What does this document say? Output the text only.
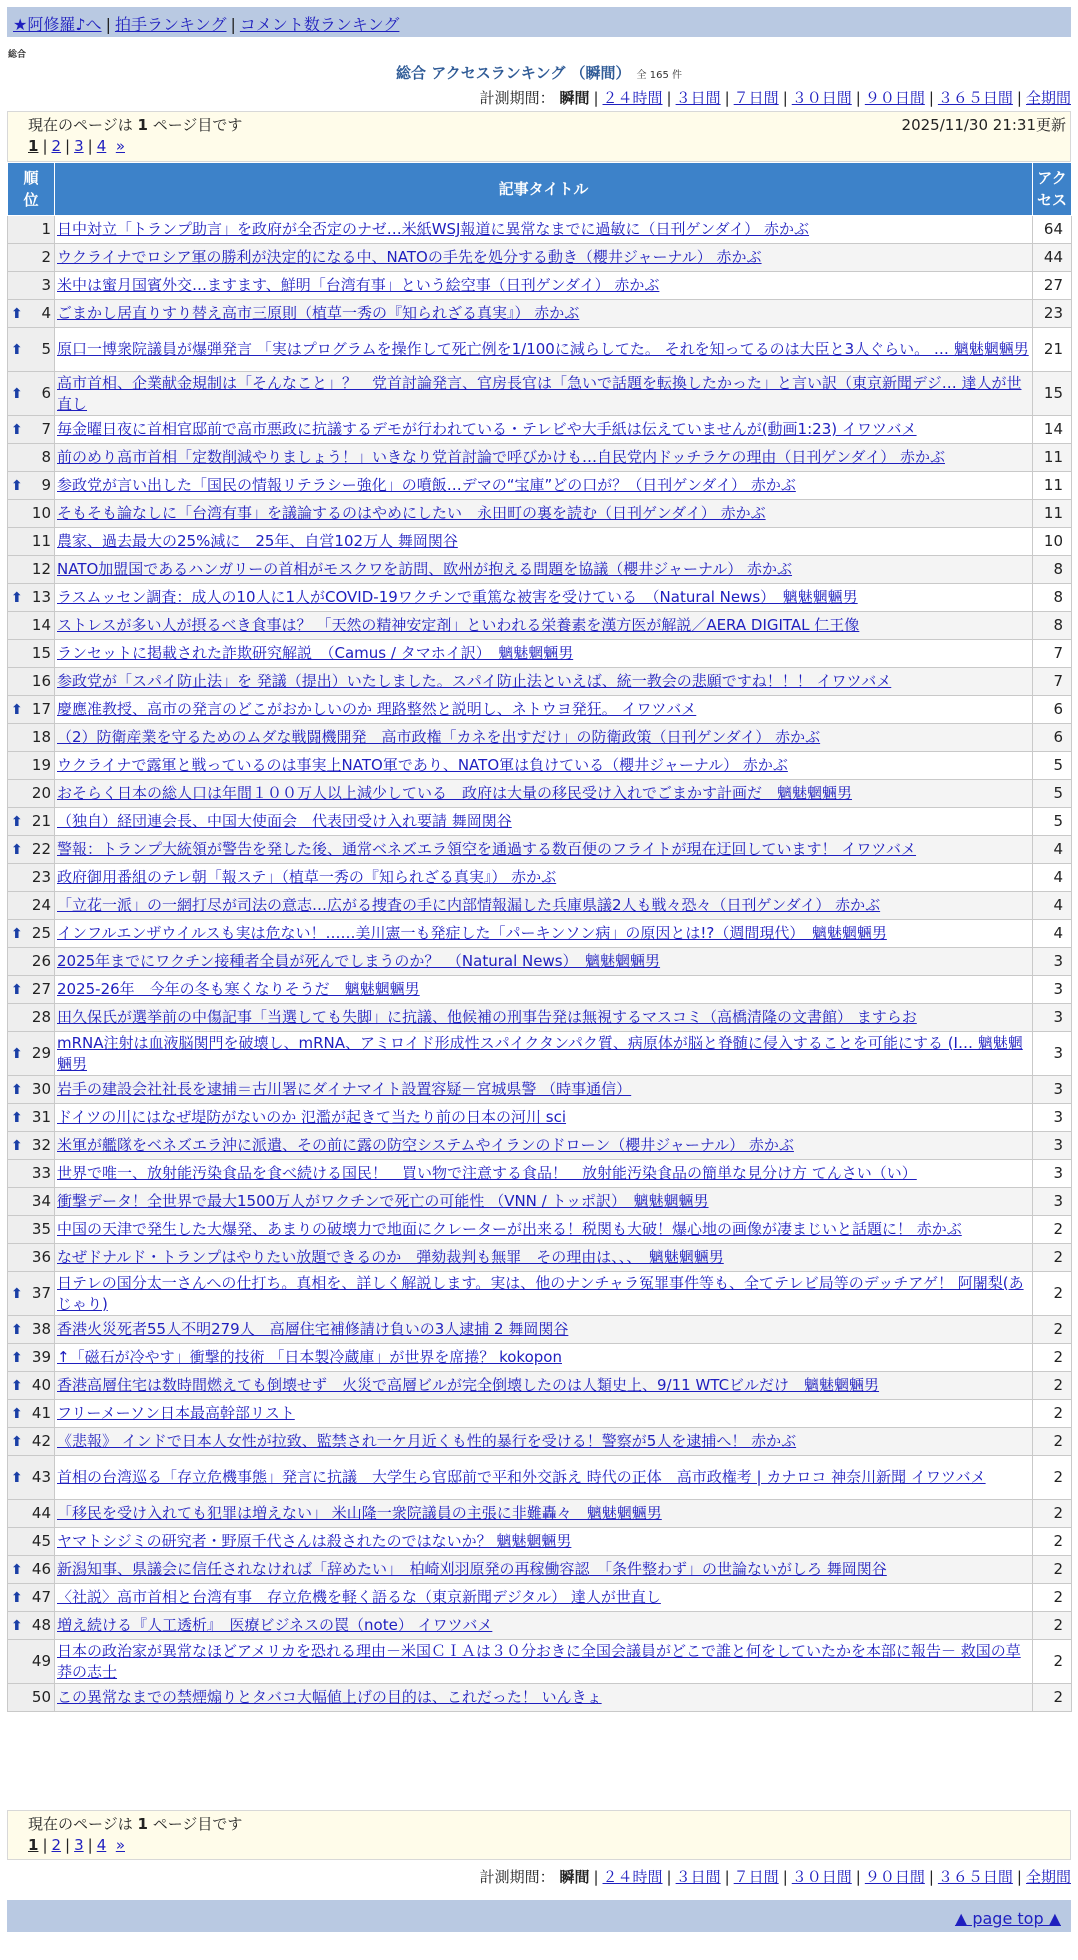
★阿修羅♪へ | 拍手ランキング | コメント数ランキング
総合
総合 アクセスランキング （瞬間） 全 165 件
計測期間： 瞬間 | ２４時間 | ３日間 | ７日間 | ３０日間 | ９０日間 | ３６５日間 | 全期間
現在のページは 1 ページ目です	2025/11/30 21:31更新
1 | 2 | 3 | 4 »
順
位	記事タイトル	アク
セス
1	日中対立「トランプ助言」を政府が全否定のナゼ…米紙WSJ報道に異常なまでに過敏に（日刊ゲンダイ） 赤かぶ	64
2	ウクライナでロシア軍の勝利が決定的になる中、NATOの手先を処分する動き（櫻井ジャーナル） 赤かぶ	44
3	米中は蜜月国賓外交…ますます、鮮明「台湾有事」という絵空事（日刊ゲンダイ） 赤かぶ	27

⬆ 4	ごまかし居直りすり替え高市三原則（植草一秀の『知られざる真実』） 赤かぶ	23

⬆ 5	原口一博衆院議員が爆弾発言 「実はプログラムを操作して死亡例を1/100に減らしてた。 それを知ってるのは大臣と3人ぐらい。 … 魑魅魍魎男	21

⬆ 6	高市首相、企業献金規制は「そんなこと」？　党首討論発言、官房長官は「急いで話題を転換したかった」と言い訳（東京新聞デジ… 達人が世直し	15

⬆ 7	毎金曜日夜に首相官邸前で高市悪政に抗議するデモが行われている・テレビや大手紙は伝えていませんが(動画1:23) イワツバメ	14
8	前のめり高市首相「定数削減やりましょう！」いきなり党首討論で呼びかけも…自民党内ドッチラケの理由（日刊ゲンダイ） 赤かぶ	11

⬆ 9	参政党が言い出した「国民の情報リテラシー強化」の噴飯…デマの“宝庫”どの口が？（日刊ゲンダイ） 赤かぶ	11
10	そもそも論なしに「台湾有事」を議論するのはやめにしたい　永田町の裏を読む（日刊ゲンダイ） 赤かぶ	11
11	農家、過去最大の25%減に　25年、自営102万人 舞岡関谷	10
12	NATO加盟国であるハンガリーの首相がモスクワを訪問、欧州が抱える問題を協議（櫻井ジャーナル） 赤かぶ	8

⬆ 13	ラスムッセン調査：成人の10人に1人がCOVID-19ワクチンで重篤な被害を受けている　（Natural News）　魑魅魍魎男	8
14	ストレスが多い人が摂るべき食事は？ 「天然の精神安定剤」といわれる栄養素を漢方医が解説／AERA DIGITAL 仁王像	8
15	ランセットに掲載された詐欺研究解説　（Camus / タマホイ訳）　魑魅魍魎男	7
16	参政党が「スパイ防止法」を 発議（提出）いたしました。スパイ防止法といえば、統一教会の悲願ですね！！！ イワツバメ	7

⬆ 17	慶應准教授、高市の発言のどこがおかしいのか 理路整然と説明し、ネトウヨ発狂。 イワツバメ	6
18	（2）防衛産業を守るためのムダな戦闘機開発　高市政権「カネを出すだけ」の防衛政策（日刊ゲンダイ） 赤かぶ	6
19	ウクライナで露軍と戦っているのは事実上NATO軍であり、NATO軍は負けている（櫻井ジャーナル） 赤かぶ	5
20	おそらく日本の総人口は年間１００万人以上減少している　政府は大量の移民受け入れでごまかす計画だ　魑魅魍魎男	5

⬆ 21	（独自）経団連会長、中国大使面会　代表団受け入れ要請 舞岡関谷	5

⬆ 22	警報：トランプ大統領が警告を発した後、通常ベネズエラ領空を通過する数百便のフライトが現在迂回しています！ イワツバメ	4
23	政府御用番組のテレ朝「報ステ」（植草一秀の『知られざる真実』） 赤かぶ	4
24	「立花一派」の一網打尽が司法の意志…広がる捜査の手に内部情報漏した兵庫県議2人も戦々恐々（日刊ゲンダイ） 赤かぶ	4

⬆ 25	インフルエンザウイルスも実は危ない！……美川憲一も発症した「パーキンソン病」の原因とは!?（週間現代）　魑魅魍魎男	4
26	2025年までにワクチン接種者全員が死んでしまうのか？　（Natural News）　魑魅魍魎男	3

⬆ 27	2025-26年　今年の冬も寒くなりそうだ　魑魅魍魎男	3
28	田久保氏が選挙前の中傷記事「当選しても失脚」に抗議、他候補の刑事告発は無視するマスコミ（高橋清隆の文書館） ますらお	3

⬆ 29	mRNA注射は血液脳関門を破壊し、mRNA、アミロイド形成性スパイクタンパク質、病原体が脳と脊髄に侵入することを可能にする (I… 魑魅魍魎男	3

⬆ 30	岩手の建設会社社長を逮捕＝古川署にダイナマイト設置容疑－宮城県警 （時事通信）	3

⬆ 31	ドイツの川にはなぜ堤防がないのか 氾濫が起きて当たり前の日本の河川 sci	3

⬆ 32	米軍が艦隊をベネズエラ沖に派遣、その前に露の防空システムやイランのドローン（櫻井ジャーナル） 赤かぶ	3
33	世界で唯一、放射能汚染食品を食べ続ける国民！　買い物で注意する食品！　放射能汚染食品の簡単な見分け方 てんさい（い）	3
34	衝撃データ！全世界で最大1500万人がワクチンで死亡の可能性 （VNN / トッポ訳）　魑魅魍魎男	3
35	中国の天津で発生した大爆発、あまりの破壊力で地面にクレーターが出来る！税関も大破！爆心地の画像が凄まじいと話題に！ 赤かぶ	2
36	なぜドナルド・トランプはやりたい放題できるのか　弾劾裁判も無罪　その理由は、、、　魑魅魍魎男	2

⬆ 37	日テレの国分太一さんへの仕打ち。真相を、詳しく解説します。実は、他のナンチャラ冤罪事件等も、全てテレビ局等のデッチアゲ！ 阿闍梨(あじゃり)	2

⬆ 38	香港火災死者55人不明279人　高層住宅補修請け負いの3人逮捕 2 舞岡関谷	2

⬆ 39	↑「磁石が冷やす」衝撃的技術 「日本製冷蔵庫」が世界を席捲？ kokopon	2

⬆ 40	香港高層住宅は数時間燃えても倒壊せず　火災で高層ビルが完全倒壊したのは人類史上、9/11 WTCビルだけ　魑魅魍魎男	2

⬆ 41	フリーメーソン日本最高幹部リスト	2

⬆ 42	《悲報》 インドで日本人女性が拉致、監禁され一ケ月近くも性的暴行を受ける！警察が5人を逮捕へ！ 赤かぶ	2

⬆ 43	首相の台湾巡る「存立危機事態」発言に抗議　大学生ら官邸前で平和外交訴え 時代の正体　高市政権考 | カナロコ 神奈川新聞 イワツバメ	2
44	「移民を受け入れても犯罪は増えない」 米山隆一衆院議員の主張に非難轟々　魑魅魍魎男	2
45	ヤマトシジミの研究者・野原千代さんは殺されたのではないか？ 魑魅魍魎男	2

⬆ 46	新潟知事、県議会に信任されなければ「辞めたい」　柏崎刈羽原発の再稼働容認　「条件整わず」の世論ないがしろ 舞岡関谷	2

⬆ 47	〈社説〉高市首相と台湾有事　存立危機を軽く語るな（東京新聞デジタル） 達人が世直し	2

⬆ 48	増え続ける『人工透析』　医療ビジネスの罠（note） イワツバメ	2
49	日本の政治家が異常なほどアメリカを恐れる理由－米国ＣＩＡは３０分おきに全国会議員がどこで誰と何をしていたかを本部に報告－ 救国の草莽の志士	2
50	この異常なまでの禁煙煽りとタバコ大幅値上げの目的は、これだった！ いんきょ	2
現在のページは 1 ページ目です
1 | 2 | 3 | 4 »
計測期間： 瞬間 | ２４時間 | ３日間 | ７日間 | ３０日間 | ９０日間 | ３６５日間 | 全期間
▲ page top ▲
